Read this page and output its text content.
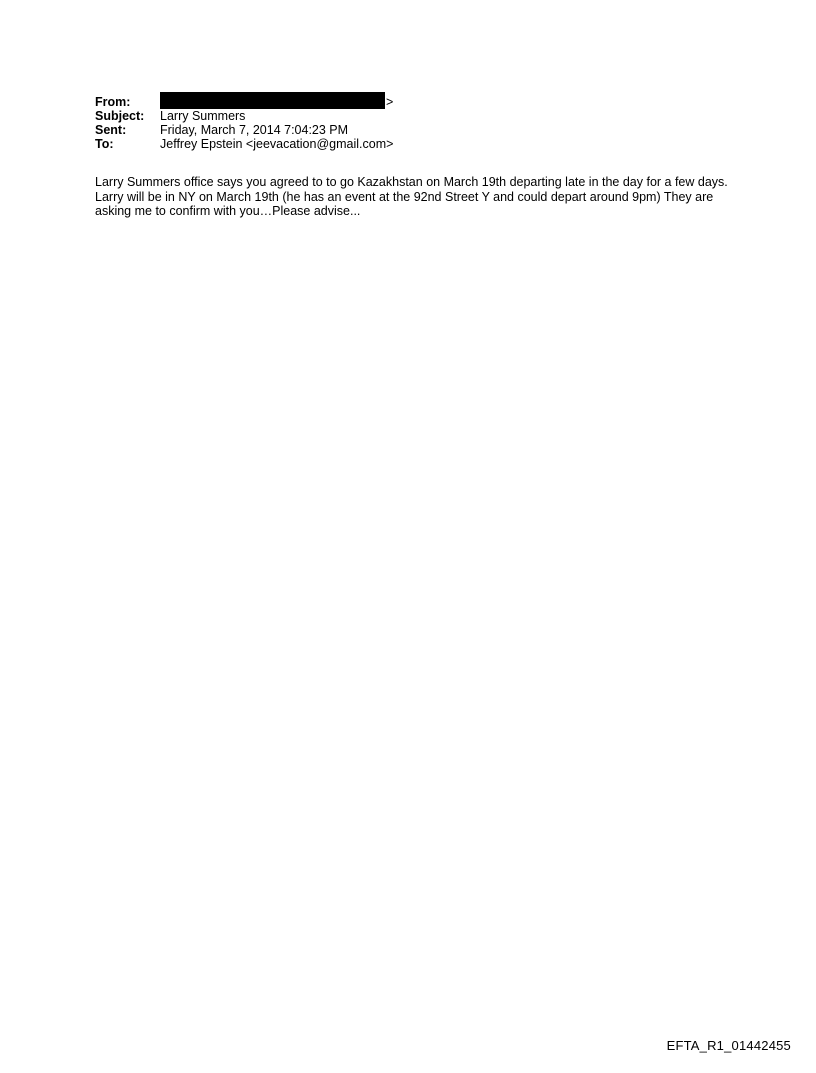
From:	>
Subject:	Larry Summers
Sent:	Friday, March 7, 2014 7:04:23 PM
To:	Jeffrey Epstein <jeevacation@gmail.com>
Larry Summers office says you agreed to to go Kazakhstan on March 19th departing late in the day for a few days. Larry will be in NY on March 19th (he has an event at the 92nd Street Y and could depart around 9pm) They are asking me to confirm with you…Please advise...
EFTA_R1_01442455
